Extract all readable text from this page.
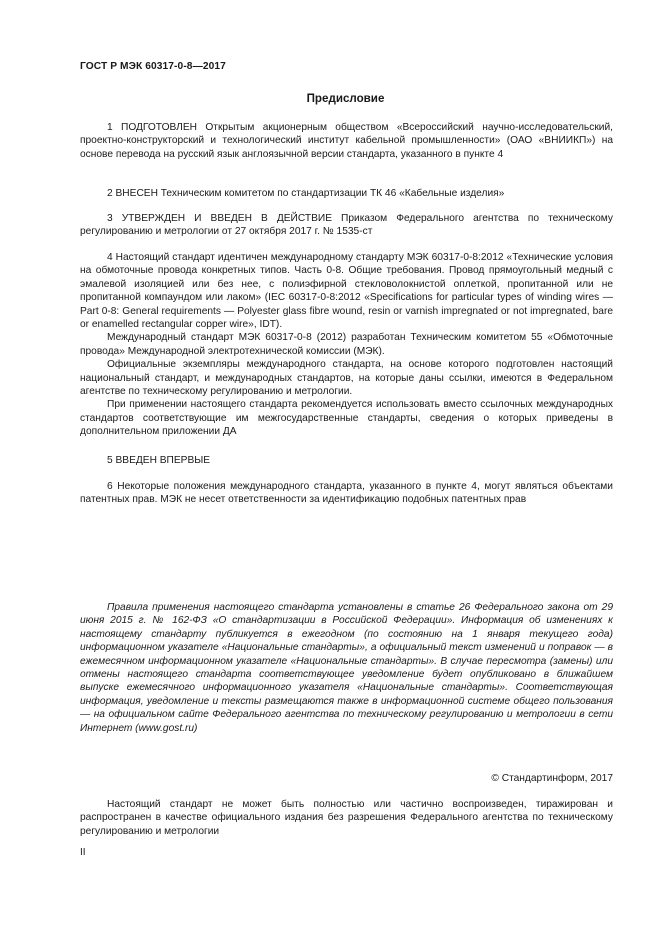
ГОСТ Р МЭК 60317-0-8—2017
Предисловие

1 ПОДГОТОВЛЕН Открытым акционерным обществом «Всероссийский научно-исследовательский, проектно-конструкторский и технологический институт кабельной промышленности» (ОАО «ВНИИКП») на основе перевода на русский язык англоязычной версии стандарта, указанного в пункте 4

2 ВНЕСЕН Техническим комитетом по стандартизации ТК 46 «Кабельные изделия»

3 УТВЕРЖДЕН И ВВЕДЕН В ДЕЙСТВИЕ Приказом Федерального агентства по техническому регулированию и метрологии от 27 октября 2017 г. № 1535-ст

4 Настоящий стандарт идентичен международному стандарту МЭК 60317-0-8:2012 «Технические условия на обмоточные провода конкретных типов. Часть 0-8. Общие требования. Провод прямоугольный медный с эмалевой изоляцией или без нее, с полиэфирной стекловолокнистой оплеткой, пропитанной или не пропитанной компаундом или лаком» (IEC 60317-0-8:2012 «Specifications for particular types of winding wires — Part 0-8: General requirements — Polyester glass fibre wound, resin or varnish impregnated or not impregnated, bare or enamelled rectangular copper wire», IDT).

Международный стандарт МЭК 60317-0-8 (2012) разработан Техническим комитетом 55 «Обмоточные провода» Международной электротехнической комиссии (МЭК).

Официальные экземпляры международного стандарта, на основе которого подготовлен настоящий национальный стандарт, и международных стандартов, на которые даны ссылки, имеются в Федеральном агентстве по техническому регулированию и метрологии.

При применении настоящего стандарта рекомендуется использовать вместо ссылочных международных стандартов соответствующие им межгосударственные стандарты, сведения о которых приведены в дополнительном приложении ДА

5 ВВЕДЕН ВПЕРВЫЕ

6 Некоторые положения международного стандарта, указанного в пункте 4, могут являться объектами патентных прав. МЭК не несет ответственности за идентификацию подобных патентных прав

Правила применения настоящего стандарта установлены в статье 26 Федерального закона от 29 июня 2015 г. № 162-ФЗ «О стандартизации в Российской Федерации». Информация об изменениях к настоящему стандарту публикуется в ежегодном (по состоянию на 1 января текущего года) информационном указателе «Национальные стандарты», а официальный текст изменений и поправок — в ежемесячном информационном указателе «Национальные стандарты». В случае пересмотра (замены) или отмены настоящего стандарта соответствующее уведомление будет опубликовано в ближайшем выпуске ежемесячного информационного указателя «Национальные стандарты». Соответствующая информация, уведомление и тексты размещаются также в информационной системе общего пользования — на официальном сайте Федерального агентства по техническому регулированию и метрологии в сети Интернет (www.gost.ru)

© Стандартинформ, 2017

Настоящий стандарт не может быть полностью или частично воспроизведен, тиражирован и распространен в качестве официального издания без разрешения Федерального агентства по техническому регулированию и метрологии

II
